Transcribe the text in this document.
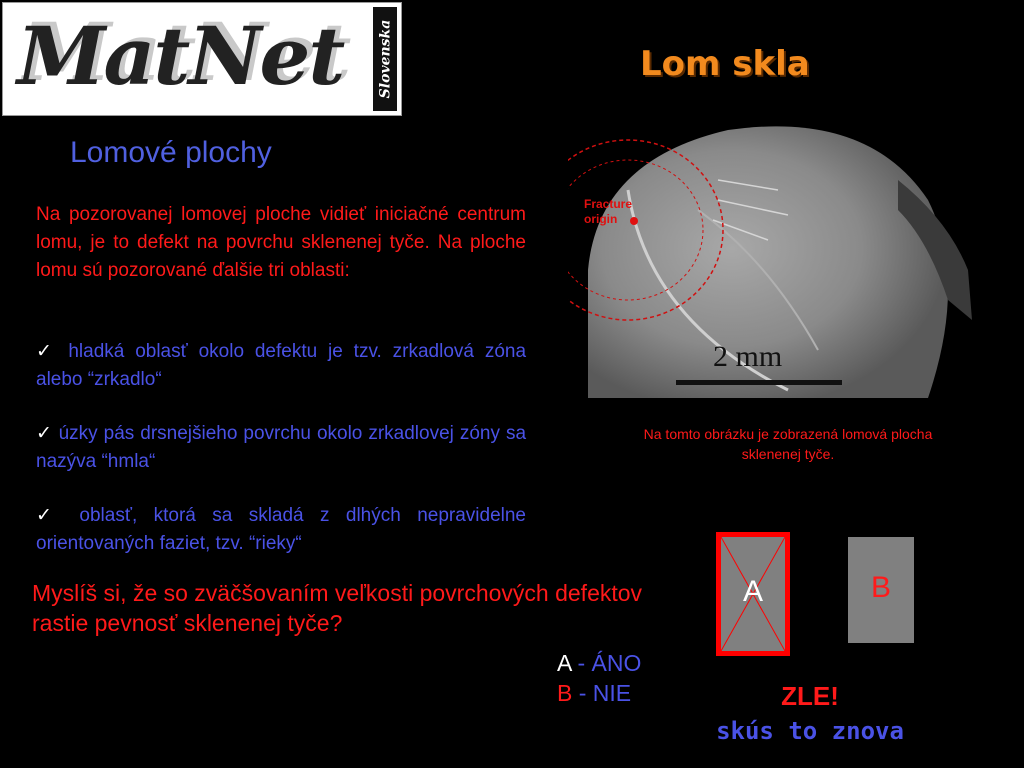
MatNet Slovenska	Lom skla
Lomové plochy
Na pozorovanej lomovej ploche vidieť iniciačné centrum lomu, je to defekt na povrchu sklenenej tyče. Na ploche lomu sú pozorované ďalšie tri oblasti:
✓ hladká oblasť okolo defektu je tzv. zrkadlová zóna alebo “zrkadlo“
✓ úzky pás drsnejšieho povrchu okolo zrkadlovej zóny sa nazýva “hmla“
✓ oblasť, ktorá sa skladá z dlhých nepravidelne orientovaných faziet, tzv. “rieky“
Fracture
origin
2 mm
Na tomto obrázku je zobrazená lomová plocha sklenenej tyče.
Myslíš si, že so zväčšovaním veľkosti povrchových defektov rastie pevnosť sklenenej tyče?
A - ÁNO
B - NIE
A	B
ZLE!
skús to znova
